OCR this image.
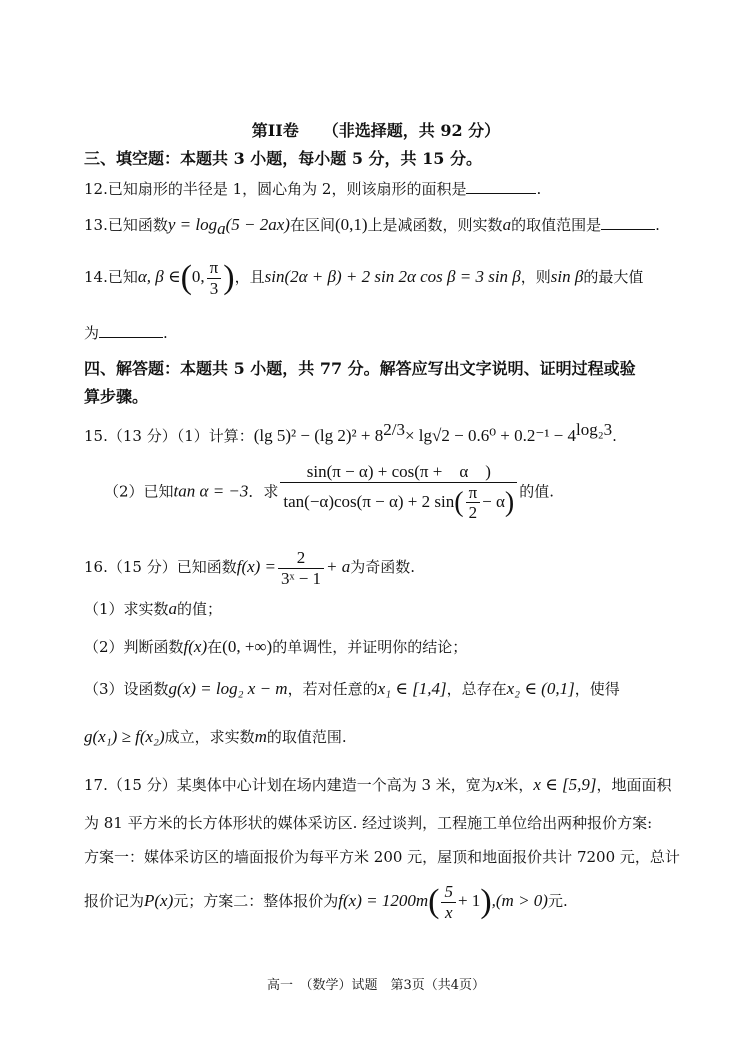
第II卷　　（非选择题，共 92 分）
三、填空题：本题共 3 小题，每小题 5 分，共 15 分。
12.已知扇形的半径是 1，圆心角为 2，则该扇形的面积是	.
13.已知函数$y = \log_a(5 - 2ax)$在区间(0,1)上是减函数，则实数a的取值范围是	.
14.已知α, β ∈(0, $\frac{\pi}{3}$ )，且sin(2α + β) + 2 sin 2α cos β = 3 sin β，则sin β的最大值
为	.
四、解答题：本题共 5 小题，共 77 分。解答应写出文字说明、证明过程或验
算步骤。
15.（13 分）（1）计算：(lg 5)² − (lg $2)^2 + 8^{2/3}\times \lg√2 - 0.6^0 + 0.2^{-1} - 4^{log_23}$.
（2）已知tan α = −3．求 $\frac{\sin(\pi - \alpha) + \cos(\pi + \alpha )}{\tan(-\alpha)\cos(\pi - \alpha) + 2 \sin( \frac{\pi}{2} - \alpha)}$ 的值.
16.（15 分）已知函数$f(x) = \frac{2}{\text{3ˣ − 1}} + a$为奇函数.
（1）求实数a的值；
（2）判断函数f(x)在(0, +∞)的单调性，并证明你的结论；
（3）设函数g(x) = log₂ x − m，若对任意的x₁ ∈ [1,4]，总存在x₂ ∈ (0,1]，使得
g(x₁) ≥ f(x₂)成立，求实数m的取值范围.
17.（15 分）某奥体中心计划在场内建造一个高为 3 米，宽为x米，x ∈ [5,9]，地面面积
为 81 平方米的长方体形状的媒体采访区. 经过谈判，工程施工单位给出两种报价方案:
方案一：媒体采访区的墙面报价为每平方米 200 元，屋顶和地面报价共计 7200 元，总计
报价记为P(x)元；方案二：整体报价为$f(x) = 1200m( \frac{5}{x} + 1),(m > 0)$元.
高一　（数学）试题　第3页（共4页）
